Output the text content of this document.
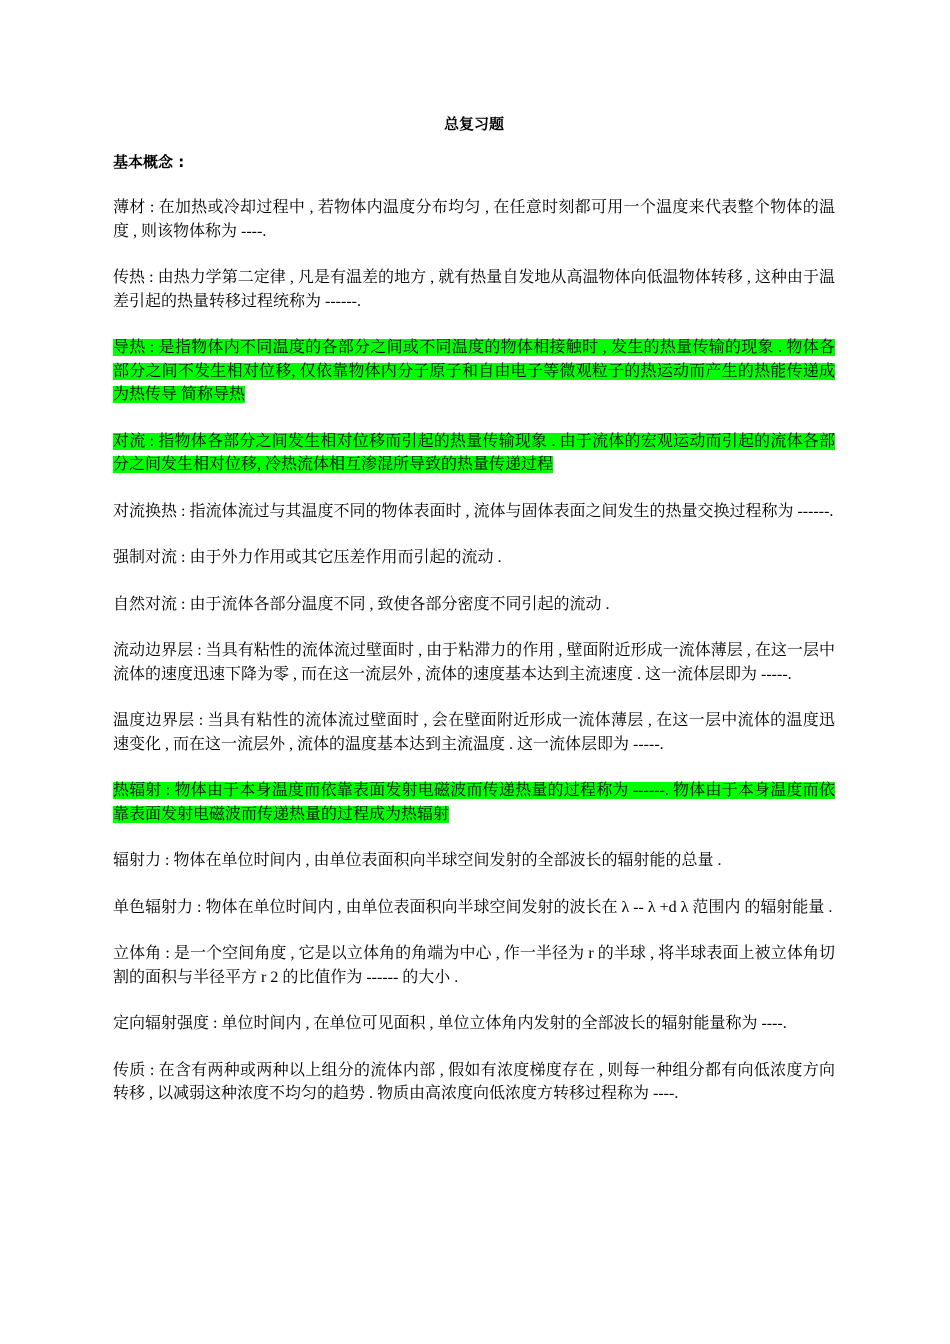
总复习题
基本概念 :

薄材 : 在加热或冷却过程中 , 若物体内温度分布均匀 , 在任意时刻都可用一个温度来代表整个物体的温度 , 则该物体称为 ----.

传热 : 由热力学第二定律 , 凡是有温差的地方 , 就有热量自发地从高温物体向低温物体转移 , 这种由于温差引起的热量转移过程统称为 ------.

导热 : 是指物体内不同温度的各部分之间或不同温度的物体相接触时 , 发生的热量传输的现象 . 物体各部分之间不发生相对位移, 仅依靠物体内分子原子和自由电子等微观粒子的热运动而产生的热能传递成为热传导 简称导热

对流 : 指物体各部分之间发生相对位移而引起的热量传输现象 . 由于流体的宏观运动而引起的流体各部分之间发生相对位移, 冷热流体相互渗混所导致的热量传递过程

对流换热 : 指流体流过与其温度不同的物体表面时 , 流体与固体表面之间发生的热量交换过程称为 ------.

强制对流 : 由于外力作用或其它压差作用而引起的流动 .

自然对流 : 由于流体各部分温度不同 , 致使各部分密度不同引起的流动 .

流动边界层 : 当具有粘性的流体流过壁面时 , 由于粘滞力的作用 , 壁面附近形成一流体薄层 , 在这一层中流体的速度迅速下降为零 , 而在这一流层外 , 流体的速度基本达到主流速度 . 这一流体层即为 -----.

温度边界层 : 当具有粘性的流体流过壁面时 , 会在壁面附近形成一流体薄层 , 在这一层中流体的温度迅速变化 , 而在这一流层外 , 流体的温度基本达到主流温度 . 这一流体层即为 -----.

热辐射 : 物体由于本身温度而依靠表面发射电磁波而传递热量的过程称为 ------. 物体由于本身温度而依靠表面发射电磁波而传递热量的过程成为热辐射

辐射力 : 物体在单位时间内 , 由单位表面积向半球空间发射的全部波长的辐射能的总量 .

单色辐射力 : 物体在单位时间内 , 由单位表面积向半球空间发射的波长在 λ -- λ +d λ 范围内 的辐射能量 .

立体角 : 是一个空间角度 , 它是以立体角的角端为中心 , 作一半径为 r 的半球 , 将半球表面上被立体角切割的面积与半径平方 r 2 的比值作为 ------ 的大小 .

定向辐射强度 : 单位时间内 , 在单位可见面积 , 单位立体角内发射的全部波长的辐射能量称为 ----.

传质 : 在含有两种或两种以上组分的流体内部 , 假如有浓度梯度存在 , 则每一种组分都有向低浓度方向转移 , 以减弱这种浓度不均匀的趋势 . 物质由高浓度向低浓度方转移过程称为 ----.
